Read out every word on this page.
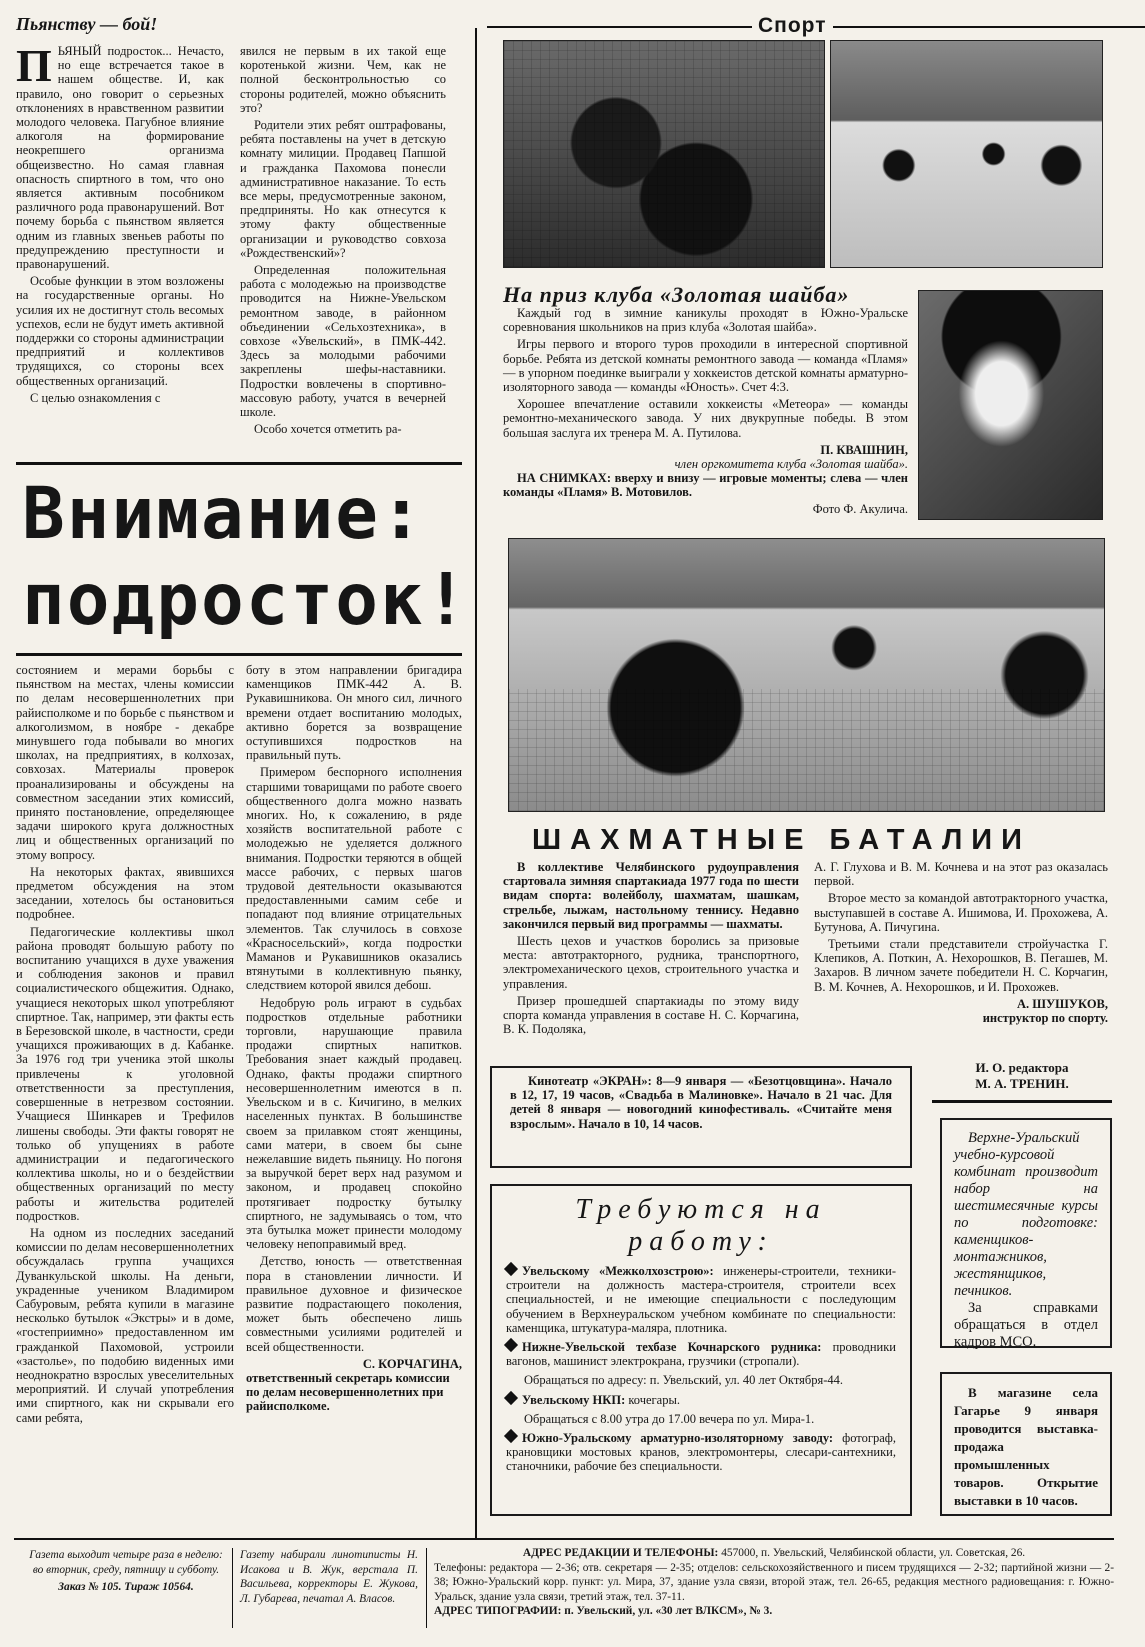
Пьянству — бой!

ПЬЯНЫЙ подросток... Нечасто, но еще встречается такое в нашем обществе. И, как правило, оно говорит о серьезных отклонениях в нравственном развитии молодого человека. Пагубное влияние алкоголя на формирование неокрепшего организма общеизвестно. Но самая главная опасность спиртного в том, что оно является активным пособником различного рода правонарушений. Вот почему борьба с пьянством является одним из главных звеньев работы по предупреждению преступности и правонарушений.

Особые функции в этом возложены на государственные органы. Но усилия их не достигнут столь весомых успехов, если не будут иметь активной поддержки со стороны администрации предприятий и коллективов трудящихся, со стороны всех общественных организаций.

С целью ознакомления с

явился не первым в их такой еще коротенькой жизни. Чем, как не полной бесконтрольностью со стороны родителей, можно объяснить это?

Родители этих ребят оштрафованы, ребята поставлены на учет в детскую комнату милиции. Продавец Папшой и гражданка Пахомова понесли административное наказание. То есть все меры, предусмотренные законом, предприняты. Но как отнесутся к этому факту общественные организации и руководство совхоза «Рождественский»?

Определенная положительная работа с молодежью на производстве проводится на Нижне-Увельском ремонтном заводе, в районном объединении «Сельхозтехника», в совхозе «Увельский», в ПМК-442. Здесь за молодыми рабочими закреплены шефы-наставники. Подростки вовлечены в спортивно-массовую работу, учатся в вечерней школе.

Особо хочется отметить ра-

Внимание:
подросток!

состоянием и мерами борьбы с пьянством на местах, члены комиссии по делам несовершеннолетних при райисполкоме и по борьбе с пьянством и алкоголизмом, в ноябре - декабре минувшего года побывали во многих школах, на предприятиях, в колхозах, совхозах. Материалы проверок проанализированы и обсуждены на совместном заседании этих комиссий, принято постановление, определяющее задачи широкого круга должностных лиц и общественных организаций по этому вопросу.

На некоторых фактах, явившихся предметом обсуждения на этом заседании, хотелось бы остановиться подробнее.

Педагогические коллективы школ района проводят большую работу по воспитанию учащихся в духе уважения и соблюдения законов и правил социалистического общежития. Однако, учащиеся некоторых школ употребляют спиртное. Так, например, эти факты есть в Березовской школе, в частности, среди учащихся проживающих в д. Кабанке. За 1976 год три ученика этой школы привлечены к уголовной ответственности за преступления, совершенные в нетрезвом состоянии. Учащиеся Шинкарев и Трефилов лишены свободы. Эти факты говорят не только об упущениях в работе администрации и педагогического коллектива школы, но и о бездействии общественных организаций по месту работы и жительства родителей подростков.

На одном из последних заседаний комиссии по делам несовершеннолетних обсуждалась группа учащихся Дуванкульской школы. На деньги, украденные учеником Владимиром Сабуровым, ребята купили в магазине несколько бутылок «Экстры» и в доме, «гостеприимно» предоставленном им гражданкой Пахомовой, устроили «застолье», по подобию виденных ими неоднократно взрослых увеселительных мероприятий. И случай употребления ими спиртного, как ни скрывали его сами ребята,

боту в этом направлении бригадира каменщиков ПМК-442 А. В. Рукавишникова. Он много сил, личного времени отдает воспитанию молодых, активно борется за возвращение оступившихся подростков на правильный путь.

Примером беспорного исполнения старшими товарищами по работе своего общественного долга можно назвать многих. Но, к сожалению, в ряде хозяйств воспитательной работе с молодежью не уделяется должного внимания. Подростки теряются в общей массе рабочих, с первых шагов трудовой деятельности оказываются предоставленными самим себе и попадают под влияние отрицательных элементов. Так случилось в совхозе «Красносельский», когда подростки Маманов и Рукавишников оказались втянутыми в коллективную пьянку, следствием которой явился дебош.

Недобрую роль играют в судьбах подростков отдельные работники торговли, нарушающие правила продажи спиртных напитков. Требования знает каждый продавец. Однако, факты продажи спиртного несовершеннолетним имеются в п. Увельском и в с. Кичигино, в мелких населенных пунктах. В большинстве своем за прилавком стоят женщины, сами матери, в своем бы сыне нежелавшие видеть пьяницу. Но погоня за выручкой берет верх над разумом и законом, и продавец спокойно протягивает подростку бутылку спиртного, не задумываясь о том, что эта бутылка может принести молодому человеку непоправимый вред.

Детство, юность — ответственная пора в становлении личности. И правильное духовное и физическое развитие подрастающего поколения, может быть обеспечено лишь совместными усилиями родителей и всей общественности.

С. КОРЧАГИНА,
ответственный секретарь комиссии по делам несовершеннолетних при райисполкоме.
Спорт
На приз клуба «Золотая шайба»

Каждый год в зимние каникулы проходят в Южно-Уральске соревнования школьников на приз клуба «Золотая шайба».

Игры первого и второго туров проходили в интересной спортивной борьбе. Ребята из детской комнаты ремонтного завода — команда «Пламя» — в упорном поединке выиграли у хоккеистов детской комнаты арматурно-изоляторного завода — команды «Юность». Счет 4:3.

Хорошее впечатление оставили хоккеисты «Метеора» — команды ремонтно-механического завода. У них двукрупные победы. В этом большая заслуга их тренера М. А. Путилова.

П. КВАШНИН,
член оргкомитета клуба «Золотая шайба».

НА СНИМКАХ: вверху и внизу — игровые моменты; слева — член команды «Пламя» В. Мотовилов.

Фото Ф. Акулича.
ШАХМАТНЫЕ БАТАЛИИ

В коллективе Челябинского рудоуправления стартовала зимняя спартакиада 1977 года по шести видам спорта: волейболу, шахматам, шашкам, стрельбе, лыжам, настольному теннису. Недавно закончился первый вид программы — шахматы.

Шесть цехов и участков боролись за призовые места: автотракторного, рудника, транспортного, электромеханического цехов, строительного участка и управления.

Призер прошедшей спартакиады по этому виду спорта команда управления в составе Н. С. Корчагина, В. К. Подоляка,

А. Г. Глухова и В. М. Кочнева и на этот раз оказалась первой.

Второе место за командой автотракторного участка, выступавшей в составе А. Ишимова, И. Прохожева, А. Бутунова, А. Пичугина.

Третьими стали представители стройучастка Г. Клепиков, А. Поткин, А. Нехорошков, В. Пегашев, М. Захаров. В личном зачете победители Н. С. Корчагин, В. М. Кочнев, А. Нехорошков, и И. Прохожев.

А. ШУШУКОВ,
инструктор по спорту.
Кинотеатр «ЭКРАН»: 8—9 января — «Безотцовщина». Начало в 12, 17, 19 часов, «Свадьба в Малиновке». Начало в 21 час. Для детей 8 января — новогодний кинофестиваль. «Считайте меня взрослым». Начало в 10, 14 часов.
И. О. редактора
М. А. ТРЕНИН.
Требуются на работу:

Увельскому «Межколхозстрою»: инженеры-строители, техники-строители на должность мастера-строителя, строители всех специальностей, и не имеющие специальности с последующим обучением в Верхнеуральском учебном комбинате по специальности: каменщика, штукатура-маляра, плотника.

Нижне-Увельской техбазе Кочнарского рудника: проводники вагонов, машинист электрокрана, грузчики (стропали).

Обращаться по адресу: п. Увельский, ул. 40 лет Октября-44.

Увельскому НКП: кочегары.

Обращаться с 8.00 утра до 17.00 вечера по ул. Мира-1.

Южно-Уральскому арматурно-изоляторному заводу: фотограф, крановщики мостовых кранов, электромонтеры, слесари-сантехники, станочники, рабочие без специальности.

Верхне-Уральский учебно-курсовой комбинат производит набор на шестимесячные курсы по подготовке: каменщиков-монтажников, жестянщиков, печников.
За справками обращаться в отдел кадров МСО.
В магазине села Гагарье 9 января проводится выставка-продажа промышленных товаров. Открытие выставки в 10 часов.
Газета выходит четыре раза в неделю: во вторник, среду, пятницу и субботу.
Заказ № 105. Тираж 10564.
Газету набирали линотиписты Н. Исакова и В. Жук, верстала П. Васильева, корректоры Е. Жукова, Л. Губарева, печатал А. Власов.
АДРЕС РЕДАКЦИИ И ТЕЛЕФОНЫ: 457000, п. Увельский, Челябинской области, ул. Советская, 26.
Телефоны: редактора — 2-36; отв. секретаря — 2-35; отделов: сельскохозяйственного и писем трудящихся — 2-32; партийной жизни — 2-38; Южно-Уральский корр. пункт: ул. Мира, 37, здание узла связи, второй этаж, тел. 26-65, редакция местного радиовещания: г. Южно-Уральск, здание узла связи, третий этаж, тел. 37-11.
АДРЕС ТИПОГРАФИИ: п. Увельский, ул. «30 лет ВЛКСМ», № 3.
